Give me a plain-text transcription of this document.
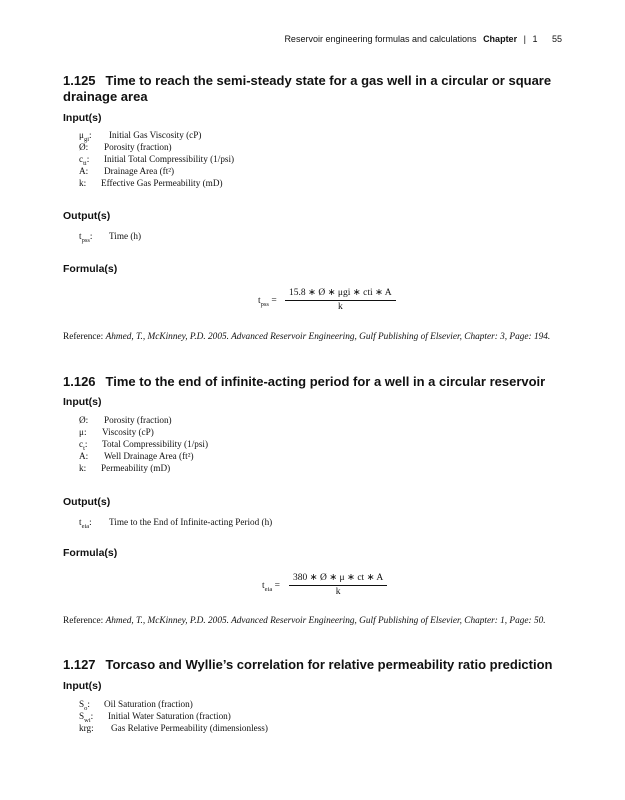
Reservoir engineering formulas and calculations Chapter | 1 55
1.125 Time to reach the semi-steady state for a gas well in a circular or square drainage area
Input(s)
$\mu_{gi}$: Initial Gas Viscosity (cP)
Ø: Porosity (fraction)
$c_{ti}$: Initial Total Compressibility (1/psi)
A: Drainage Area (ft²)
k: Effective Gas Permeability (mD)
Output(s)
$t_{pss}$: Time (h)
Formula(s)
$t_{pss}$ =
15.8 ∗ Ø ∗ μgi ∗ cti ∗ A
k
Reference: Ahmed, T., McKinney, P.D. 2005. Advanced Reservoir Engineering, Gulf Publishing of Elsevier, Chapter: 3, Page: 194.
1.126 Time to the end of infinite-acting period for a well in a circular reservoir
Input(s)
Ø: Porosity (fraction)
μ: Viscosity (cP)
$c_t$: Total Compressibility (1/psi)
A: Well Drainage Area (ft²)
k: Permeability (mD)
Output(s)
$t_{eia}$: Time to the End of Infinite-acting Period (h)
Formula(s)
$t_{eia} = \frac{380 ∗ Ø ∗ \mu ∗ ct ∗ A}{k}$
Reference: Ahmed, T., McKinney, P.D. 2005. Advanced Reservoir Engineering, Gulf Publishing of Elsevier, Chapter: 1, Page: 50.
1.127 Torcaso and Wyllie’s correlation for relative permeability ratio prediction
Input(s)
$S_o$: Oil Saturation (fraction)
$S_{wi}$: Initial Water Saturation (fraction)
krg: Gas Relative Permeability (dimensionless)
